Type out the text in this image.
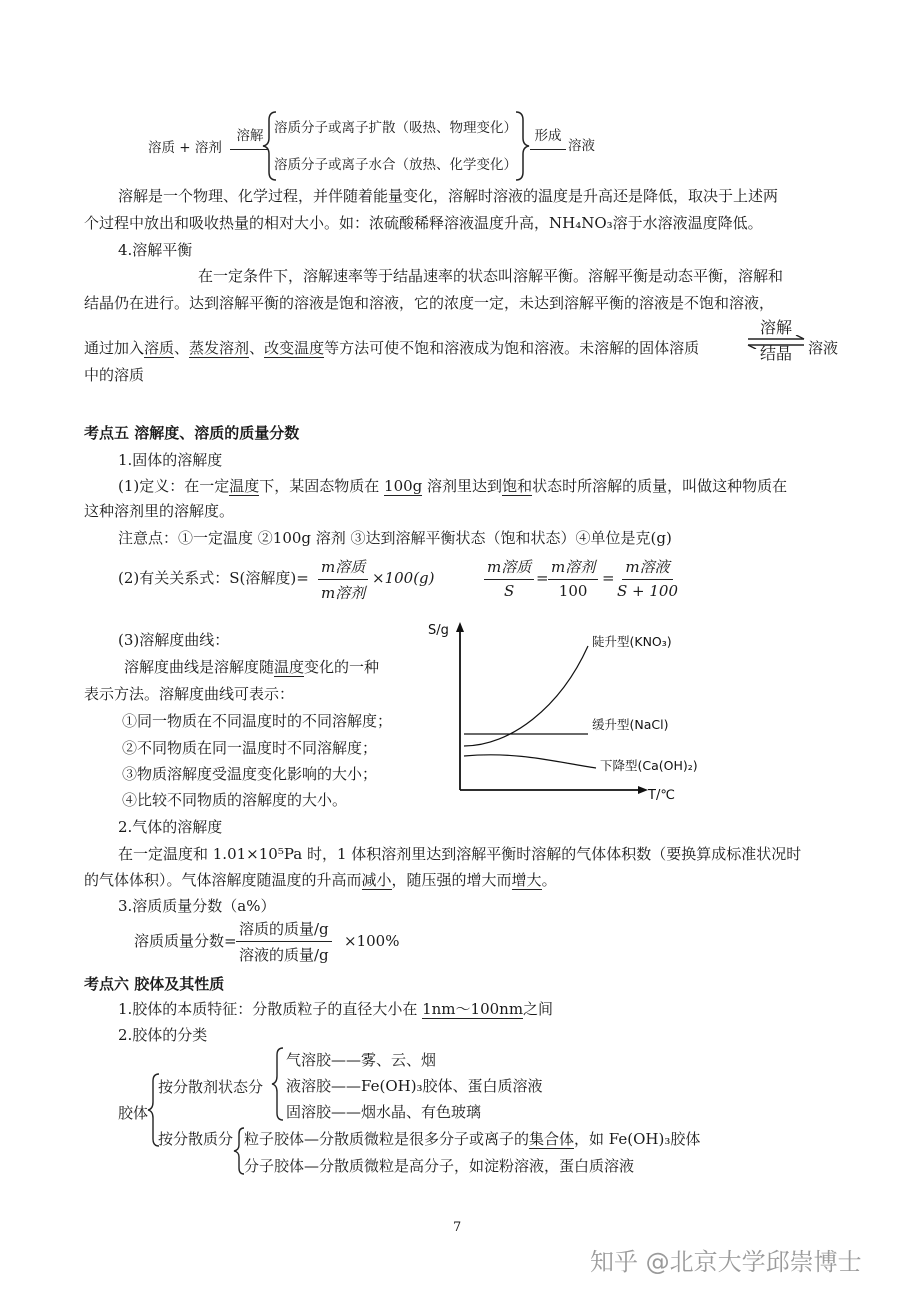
溶质 + 溶剂
溶解 溶质分子或离子扩散（吸热、物理变化）
溶质分子或离子水合（放热、化学变化）
形成
溶液
溶解是一个物理、化学过程，并伴随着能量变化，溶解时溶液的温度是升高还是降低，取决于上述两
个过程中放出和吸收热量的相对大小。如：浓硫酸稀释溶液温度升高，NH₄NO₃溶于水溶液温度降低。
4.溶解平衡
在一定条件下，溶解速率等于结晶速率的状态叫溶解平衡。溶解平衡是动态平衡，溶解和
结晶仍在进行。达到溶解平衡的溶液是饱和溶液，它的浓度一定，未达到溶解平衡的溶液是不饱和溶液，
通过加入溶质、蒸发溶剂、改变温度等方法可使不饱和溶液成为饱和溶液。未溶解的固体溶质
溶解
结晶	溶液
中的溶质
考点五 溶解度、溶质的质量分数
1.固体的溶解度
(1)定义：在一定温度下，某固态物质在 100g 溶剂里达到饱和状态时所溶解的质量，叫做这种物质在
这种溶剂里的溶解度。
注意点：①一定温度 ②100g 溶剂 ③达到溶解平衡状态（饱和状态）④单位是克(g)
(2)有关关系式：S(溶解度)=
m溶质
m溶剂
×100(g)
m溶质
S
=
m溶剂
100
=
m溶液
S + 100
(3)溶解度曲线：
溶解度曲线是溶解度随温度变化的一种
表示方法。溶解度曲线可表示：
①同一物质在不同温度时的不同溶解度；
②不同物质在同一温度时不同溶解度；
③物质溶解度受温度变化影响的大小；
④比较不同物质的溶解度的大小。
S/g
T/℃
陡升型(KNO₃)
缓升型(NaCl)
下降型(Ca(OH)₂)
2.气体的溶解度
在一定温度和 1.01×10⁵Pa 时，1 体积溶剂里达到溶解平衡时溶解的气体体积数（要换算成标准状况时
的气体体积）。气体溶解度随温度的升高而减小，随压强的增大而增大。
3.溶质质量分数（a%）
溶质质量分数=
溶质的质量/g
溶液的质量/g
×100%
考点六 胶体及其性质
1.胶体的本质特征：分散质粒子的直径大小在 1nm～100nm之间
2.胶体的分类
胶体
按分散剂状态分
气溶胶——雾、云、烟
液溶胶——Fe(OH)₃胶体、蛋白质溶液
固溶胶——烟水晶、有色玻璃
按分散质分 粒子胶体—分散质微粒是很多分子或离子的集合体，如 Fe(OH)₃胶体
分子胶体—分散质微粒是高分子，如淀粉溶液，蛋白质溶液
7
知乎 @北京大学邱崇博士
